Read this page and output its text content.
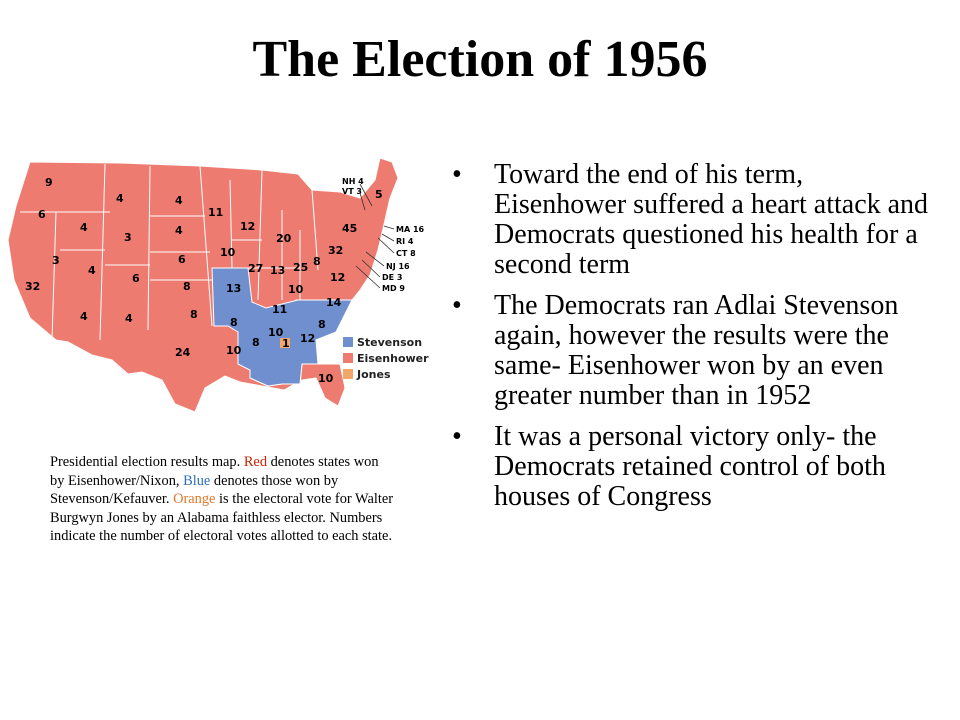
The Election of 1956
9
6
32
3
4
4
3
4
6
4	4
4
4
6
8
8
24
11
10
13
8
10
12
27
20
13 25
10
11
8
10
1 12
10
8
14
12
8
32
45
5
NH 4
VT 3
MA 16
RI 4
CT 8
NJ 16
DE 3
MD 9
Stevenson
Eisenhower
Jones
Presidential election results map. Red denotes states won by Eisenhower/Nixon, Blue denotes those won by Stevenson/Kefauver. Orange is the electoral vote for Walter Burgwyn Jones by an Alabama faithless elector. Numbers indicate the number of electoral votes allotted to each state.
• Toward the end of his term, Eisenhower suffered a heart attack and Democrats questioned his health for a second term
• The Democrats ran Adlai Stevenson again, however the results were the same- Eisenhower won by an even greater number than in 1952
• It was a personal victory only- the Democrats retained control of both houses of Congress
